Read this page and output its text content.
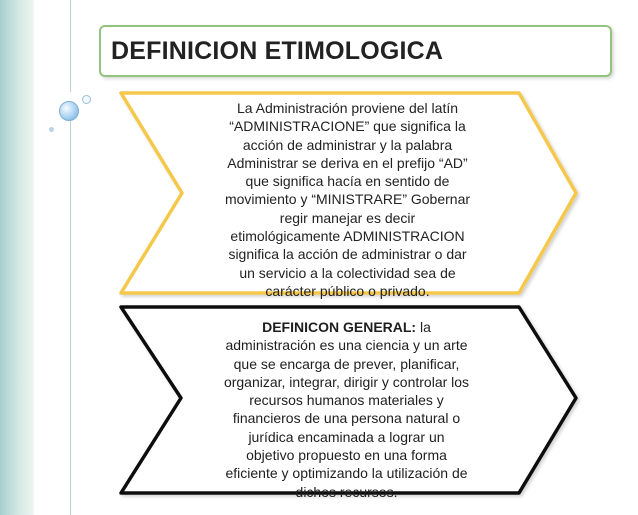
DEFINICION ETIMOLOGICA
La Administración proviene del latín
“ADMINISTRACIONE” que significa la
acción de administrar y la palabra
Administrar se deriva en el prefijo “AD”
que significa hacía en sentido de
movimiento y “MINISTRARE” Gobernar
regir manejar es decir
etimológicamente ADMINISTRACION
significa la acción de administrar o dar
un servicio a la colectividad sea de
carácter público o privado.
DEFINICON GENERAL: la
administración es una ciencia y un arte
que se encarga de prever, planificar,
organizar, integrar, dirigir y controlar los
recursos humanos materiales y
financieros de una persona natural o
jurídica encaminada a lograr un
objetivo propuesto en una forma
eficiente y optimizando la utilización de
dichos recursos.
